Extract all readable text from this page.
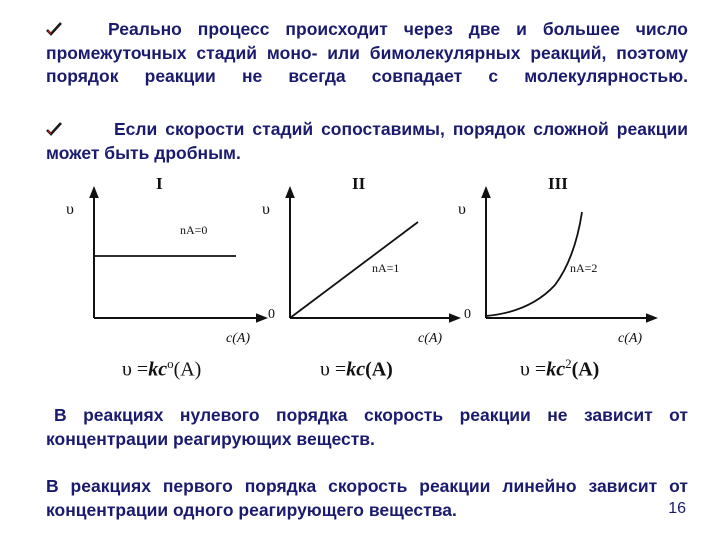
Реально процесс происходит через две и большее число промежуточных стадий моно- или бимолекулярных реакций, поэтому порядок реакции не всегда совпадает с молекулярностью.

Если скорости стадий сопоставимы, порядок сложной реакции может быть дробным.

I	II	III
υ
c(A)
nA=0
υ
0
c(A)
nA=1
υ
0
c(A)
nA=2
$\upsilon =kc^o(A)$	υ =kc(A)	$\upsilon =kc^2(A)$

В реакциях нулевого порядка скорость реакции не зависит от концентрации реагирующих веществ.

В реакциях первого порядка скорость реакции линейно зависит от концентрации одного реагирующего вещества.	16
